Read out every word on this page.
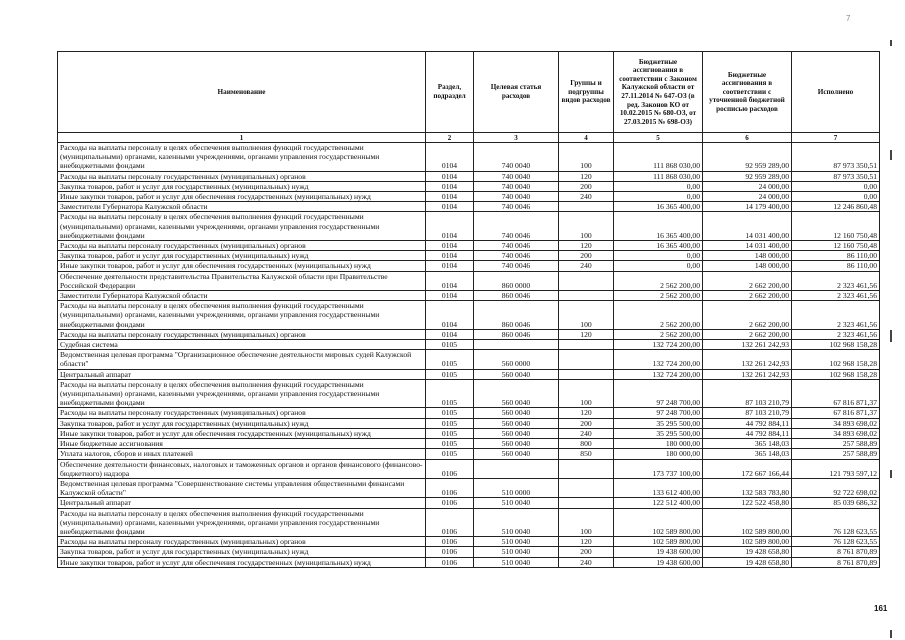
Наименование	Раздел, подраздел	Целевая статья расходов	Группы и подгруппы видов расходов	Бюджетные ассигнования в соответствии с Законом Калужской области от 27.11.2014 № 647-ОЗ (в ред. Законов КО от 10.02.2015 № 680-ОЗ, от 27.03.2015 № 698-ОЗ)	Бюджетные ассигнования в соответствии с уточненной бюджетной росписью расходов	Исполнено
1	2	3	4	5	6	7
Расходы на выплаты персоналу в целях обеспечения выполнения функций государственными (муниципальными) органами, казенными учреждениями, органами управления государственными внебюджетными фондами	0104	740 0040	100	111 868 030,00	92 959 289,00	87 973 350,51
Расходы на выплаты персоналу государственных (муниципальных) органов	0104	740 0040	120	111 868 030,00	92 959 289,00	87 973 350,51
Закупка товаров, работ и услуг для государственных (муниципальных) нужд	0104	740 0040	200	0,00	24 000,00	0,00
Иные закупки товаров, работ и услуг для обеспечения государственных (муниципальных) нужд	0104	740 0040	240	0,00	24 000,00	0,00
Заместители Губернатора Калужской области	0104	740 0046		16 365 400,00	14 179 400,00	12 246 860,48
Расходы на выплаты персоналу в целях обеспечения выполнения функций государственными (муниципальными) органами, казенными учреждениями, органами управления государственными внебюджетными фондами	0104	740 0046	100	16 365 400,00	14 031 400,00	12 160 750,48
Расходы на выплаты персоналу государственных (муниципальных) органов	0104	740 0046	120	16 365 400,00	14 031 400,00	12 160 750,48
Закупка товаров, работ и услуг для государственных (муниципальных) нужд	0104	740 0046	200	0,00	148 000,00	86 110,00
Иные закупки товаров, работ и услуг для обеспечения государственных (муниципальных) нужд	0104	740 0046	240	0,00	148 000,00	86 110,00
Обеспечение деятельности представительства Правительства Калужской области при Правительстве Российской Федерации	0104	860 0000		2 562 200,00	2 662 200,00	2 323 461,56
Заместители Губернатора Калужской области	0104	860 0046		2 562 200,00	2 662 200,00	2 323 461,56
Расходы на выплаты персоналу в целях обеспечения выполнения функций государственными (муниципальными) органами, казенными учреждениями, органами управления государственными внебюджетными фондами	0104	860 0046	100	2 562 200,00	2 662 200,00	2 323 461,56
Расходы на выплаты персоналу государственных (муниципальных) органов	0104	860 0046	120	2 562 200,00	2 662 200,00	2 323 461,56
Судебная система	0105			132 724 200,00	132 261 242,93	102 968 158,28
Ведомственная целевая программа "Организационное обеспечение деятельности мировых судей Калужской области"	0105	560 0000		132 724 200,00	132 261 242,93	102 968 158,28
Центральный аппарат	0105	560 0040		132 724 200,00	132 261 242,93	102 968 158,28
Расходы на выплаты персоналу в целях обеспечения выполнения функций государственными (муниципальными) органами, казенными учреждениями, органами управления государственными внебюджетными фондами	0105	560 0040	100	97 248 700,00	87 103 210,79	67 816 871,37
Расходы на выплаты персоналу государственных (муниципальных) органов	0105	560 0040	120	97 248 700,00	87 103 210,79	67 816 871,37
Закупка товаров, работ и услуг для государственных (муниципальных) нужд	0105	560 0040	200	35 295 500,00	44 792 884,11	34 893 698,02
Иные закупки товаров, работ и услуг для обеспечения государственных (муниципальных) нужд	0105	560 0040	240	35 295 500,00	44 792 884,11	34 893 698,02
Иные бюджетные ассигнования	0105	560 0040	800	180 000,00	365 148,03	257 588,89
Уплата налогов, сборов и иных платежей	0105	560 0040	850	180 000,00	365 148,03	257 588,89
Обеспечение деятельности финансовых, налоговых и таможенных органов и органов финансового (финансово-бюджетного) надзора	0106			173 737 100,00	172 667 166,44	121 793 597,12
Ведомственная целевая программа "Совершенствование системы управления общественными финансами Калужской области"	0106	510 0000		133 612 400,00	132 583 783,80	92 722 698,02
Центральный аппарат	0106	510 0040		122 512 400,00	122 522 458,80	85 039 686,32
Расходы на выплаты персоналу в целях обеспечения выполнения функций государственными (муниципальными) органами, казенными учреждениями, органами управления государственными внебюджетными фондами	0106	510 0040	100	102 589 800,00	102 589 800,00	76 128 623,55
Расходы на выплаты персоналу государственных (муниципальных) органов	0106	510 0040	120	102 589 800,00	102 589 800,00	76 128 623,55
Закупка товаров, работ и услуг для государственных (муниципальных) нужд	0106	510 0040	200	19 438 600,00	19 428 658,80	8 761 870,89
Иные закупки товаров, работ и услуг для обеспечения государственных (муниципальных) нужд	0106	510 0040	240	19 438 600,00	19 428 658,80	8 761 870,89
7
161
